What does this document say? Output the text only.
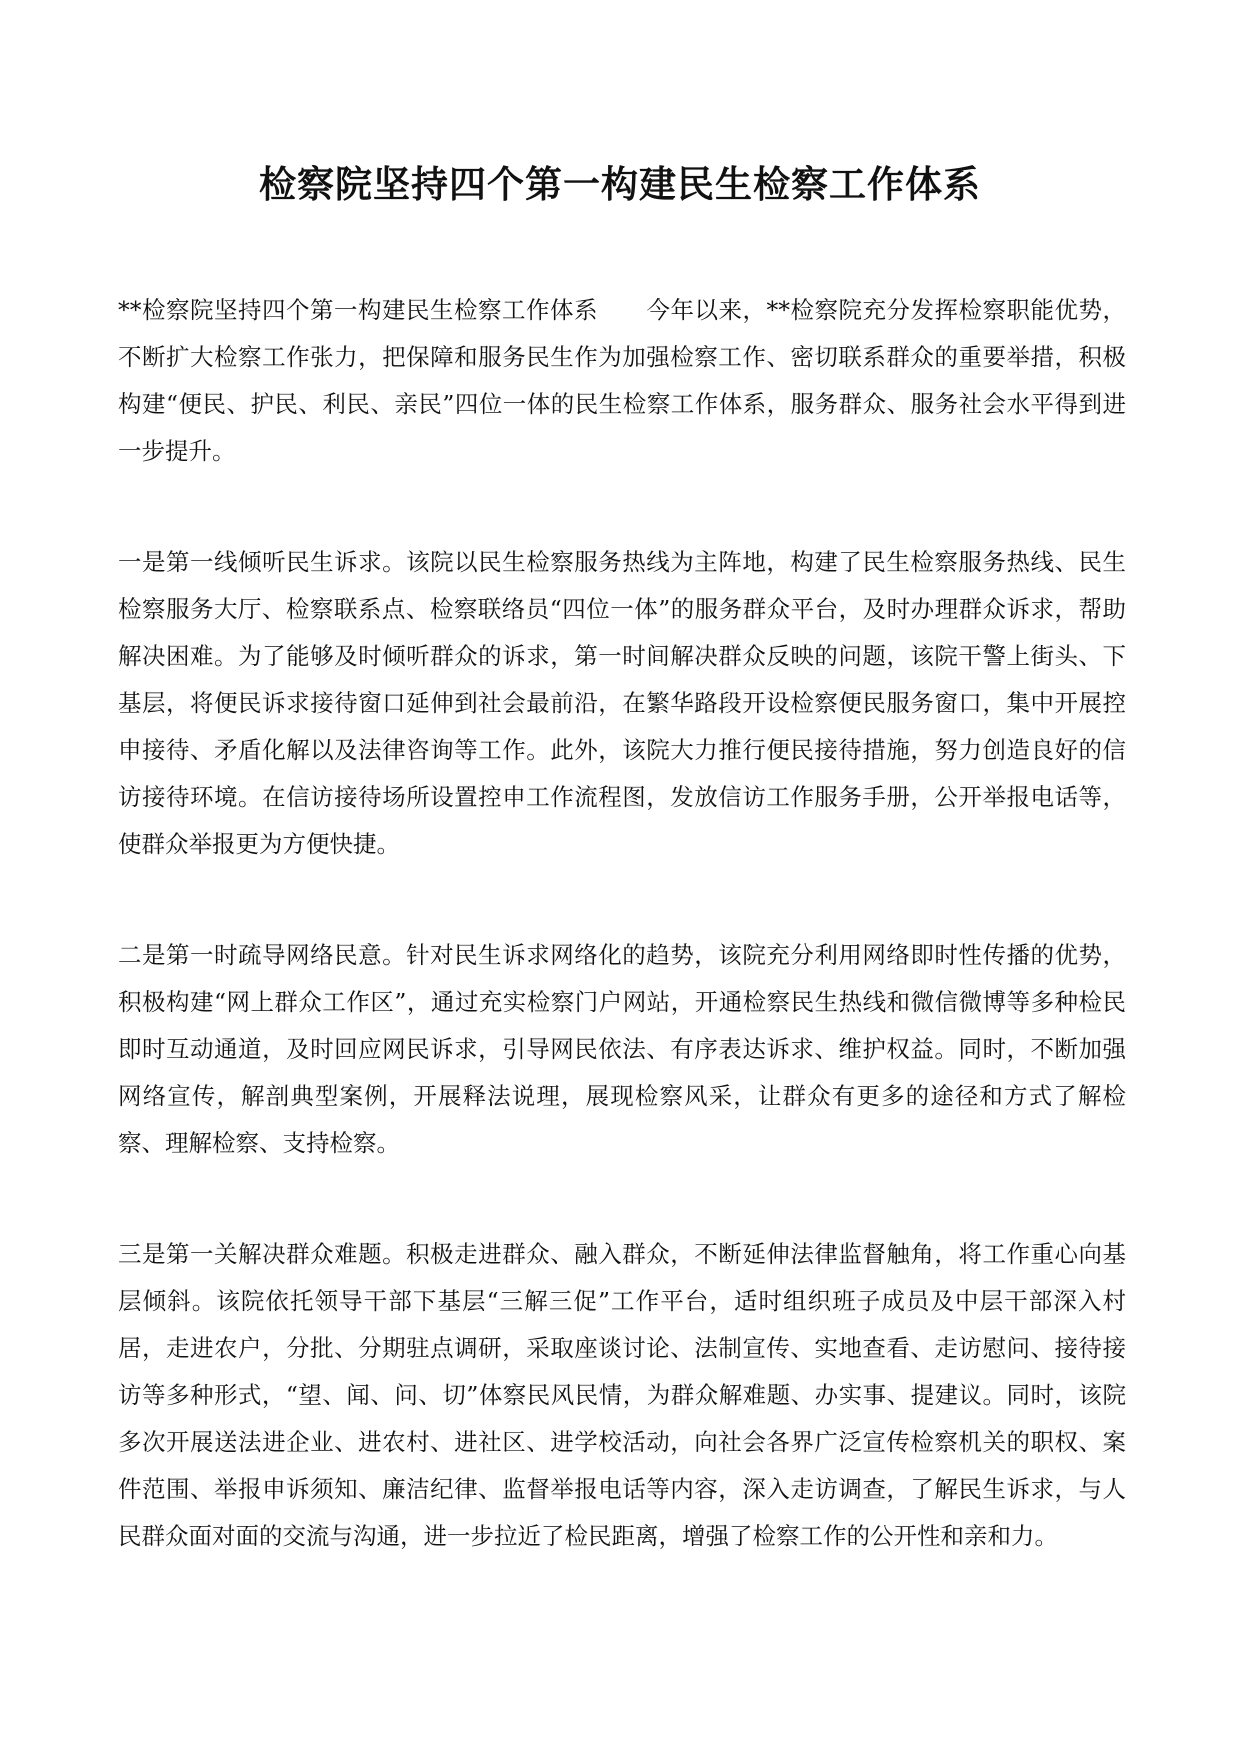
检察院坚持四个第一构建民生检察工作体系

**检察院坚持四个第一构建民生检察工作体系 今年以来，**检察院充分发挥检察职能优势，不断扩大检察工作张力，把保障和服务民生作为加强检察工作、密切联系群众的重要举措，积极构建“便民、护民、利民、亲民”四位一体的民生检察工作体系，服务群众、服务社会水平得到进一步提升。

一是第一线倾听民生诉求。该院以民生检察服务热线为主阵地，构建了民生检察服务热线、民生检察服务大厅、检察联系点、检察联络员“四位一体”的服务群众平台，及时办理群众诉求，帮助解决困难。为了能够及时倾听群众的诉求，第一时间解决群众反映的问题，该院干警上街头、下基层，将便民诉求接待窗口延伸到社会最前沿，在繁华路段开设检察便民服务窗口，集中开展控申接待、矛盾化解以及法律咨询等工作。此外，该院大力推行便民接待措施，努力创造良好的信访接待环境。在信访接待场所设置控申工作流程图，发放信访工作服务手册，公开举报电话等，使群众举报更为方便快捷。

二是第一时疏导网络民意。针对民生诉求网络化的趋势，该院充分利用网络即时性传播的优势，积极构建“网上群众工作区”，通过充实检察门户网站，开通检察民生热线和微信微博等多种检民即时互动通道，及时回应网民诉求，引导网民依法、有序表达诉求、维护权益。同时，不断加强网络宣传，解剖典型案例，开展释法说理，展现检察风采，让群众有更多的途径和方式了解检察、理解检察、支持检察。

三是第一关解决群众难题。积极走进群众、融入群众，不断延伸法律监督触角，将工作重心向基层倾斜。该院依托领导干部下基层“三解三促”工作平台，适时组织班子成员及中层干部深入村居，走进农户，分批、分期驻点调研，采取座谈讨论、法制宣传、实地查看、走访慰问、接待接访等多种形式，“望、闻、问、切”体察民风民情，为群众解难题、办实事、提建议。同时，该院多次开展送法进企业、进农村、进社区、进学校活动，向社会各界广泛宣传检察机关的职权、案件范围、举报申诉须知、廉洁纪律、监督举报电话等内容，深入走访调查，了解民生诉求，与人民群众面对面的交流与沟通，进一步拉近了检民距离，增强了检察工作的公开性和亲和力。
